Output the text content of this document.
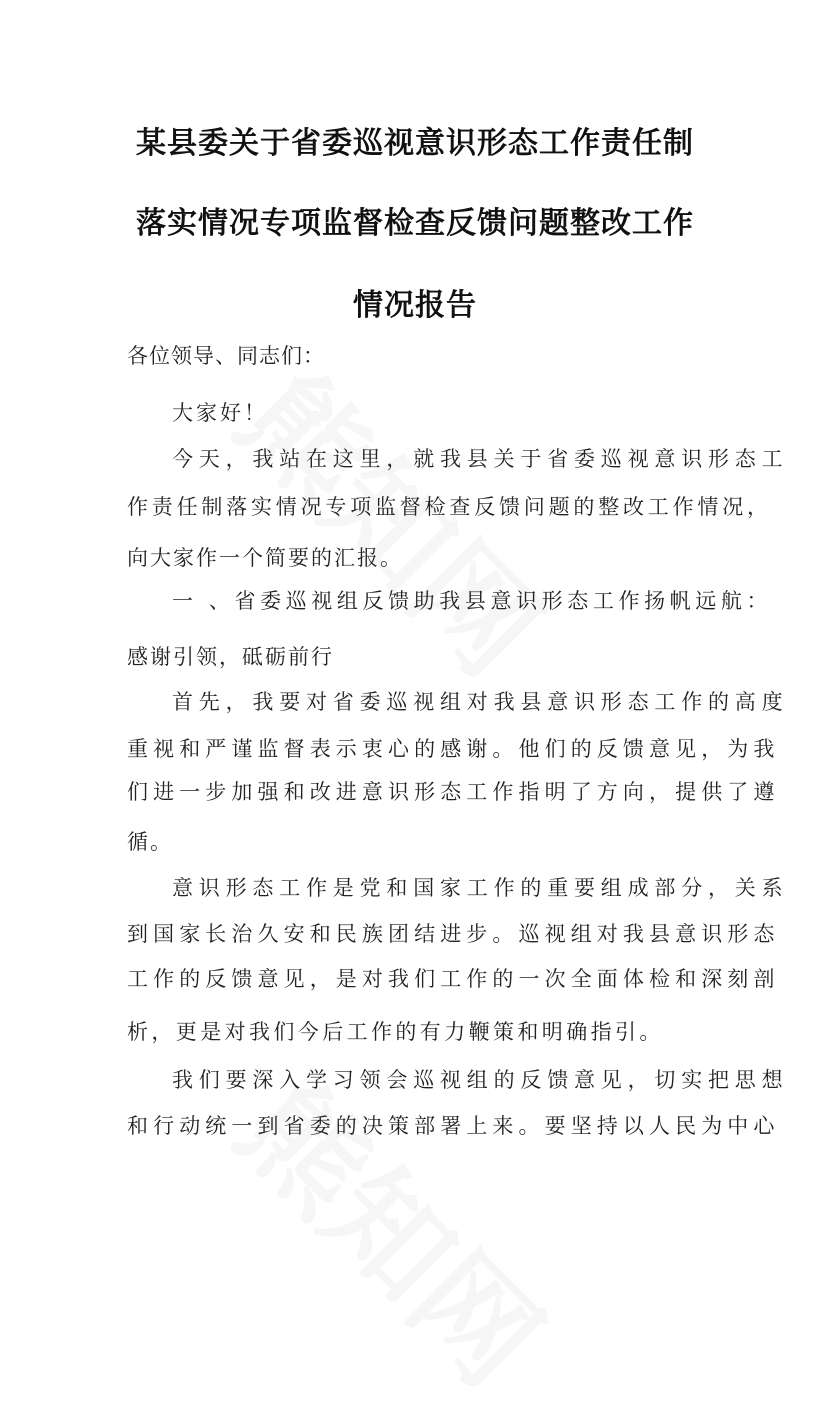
某县委关于省委巡视意识形态工作责任制
落实情况专项监督检查反馈问题整改工作
情况报告
各位领导、同志们：
大家好！
今天，我站在这里，就我县关于省委巡视意识形态工
作责任制落实情况专项监督检查反馈问题的整改工作情况，
向大家作一个简要的汇报。
一 、省委巡视组反馈助我县意识形态工作扬帆远航：
感谢引领，砥砺前行
首先，我要对省委巡视组对我县意识形态工作的高度
重视和严谨监督表示衷心的感谢。他们的反馈意见，为我
们进一步加强和改进意识形态工作指明了方向，提供了遵
循。
意识形态工作是党和国家工作的重要组成部分，关系
到国家长治久安和民族团结进步。巡视组对我县意识形态
工作的反馈意见，是对我们工作的一次全面体检和深刻剖
析，更是对我们今后工作的有力鞭策和明确指引。
我们要深入学习领会巡视组的反馈意见，切实把思想
和行动统一到省委的决策部署上来。要坚持以人民为中心
